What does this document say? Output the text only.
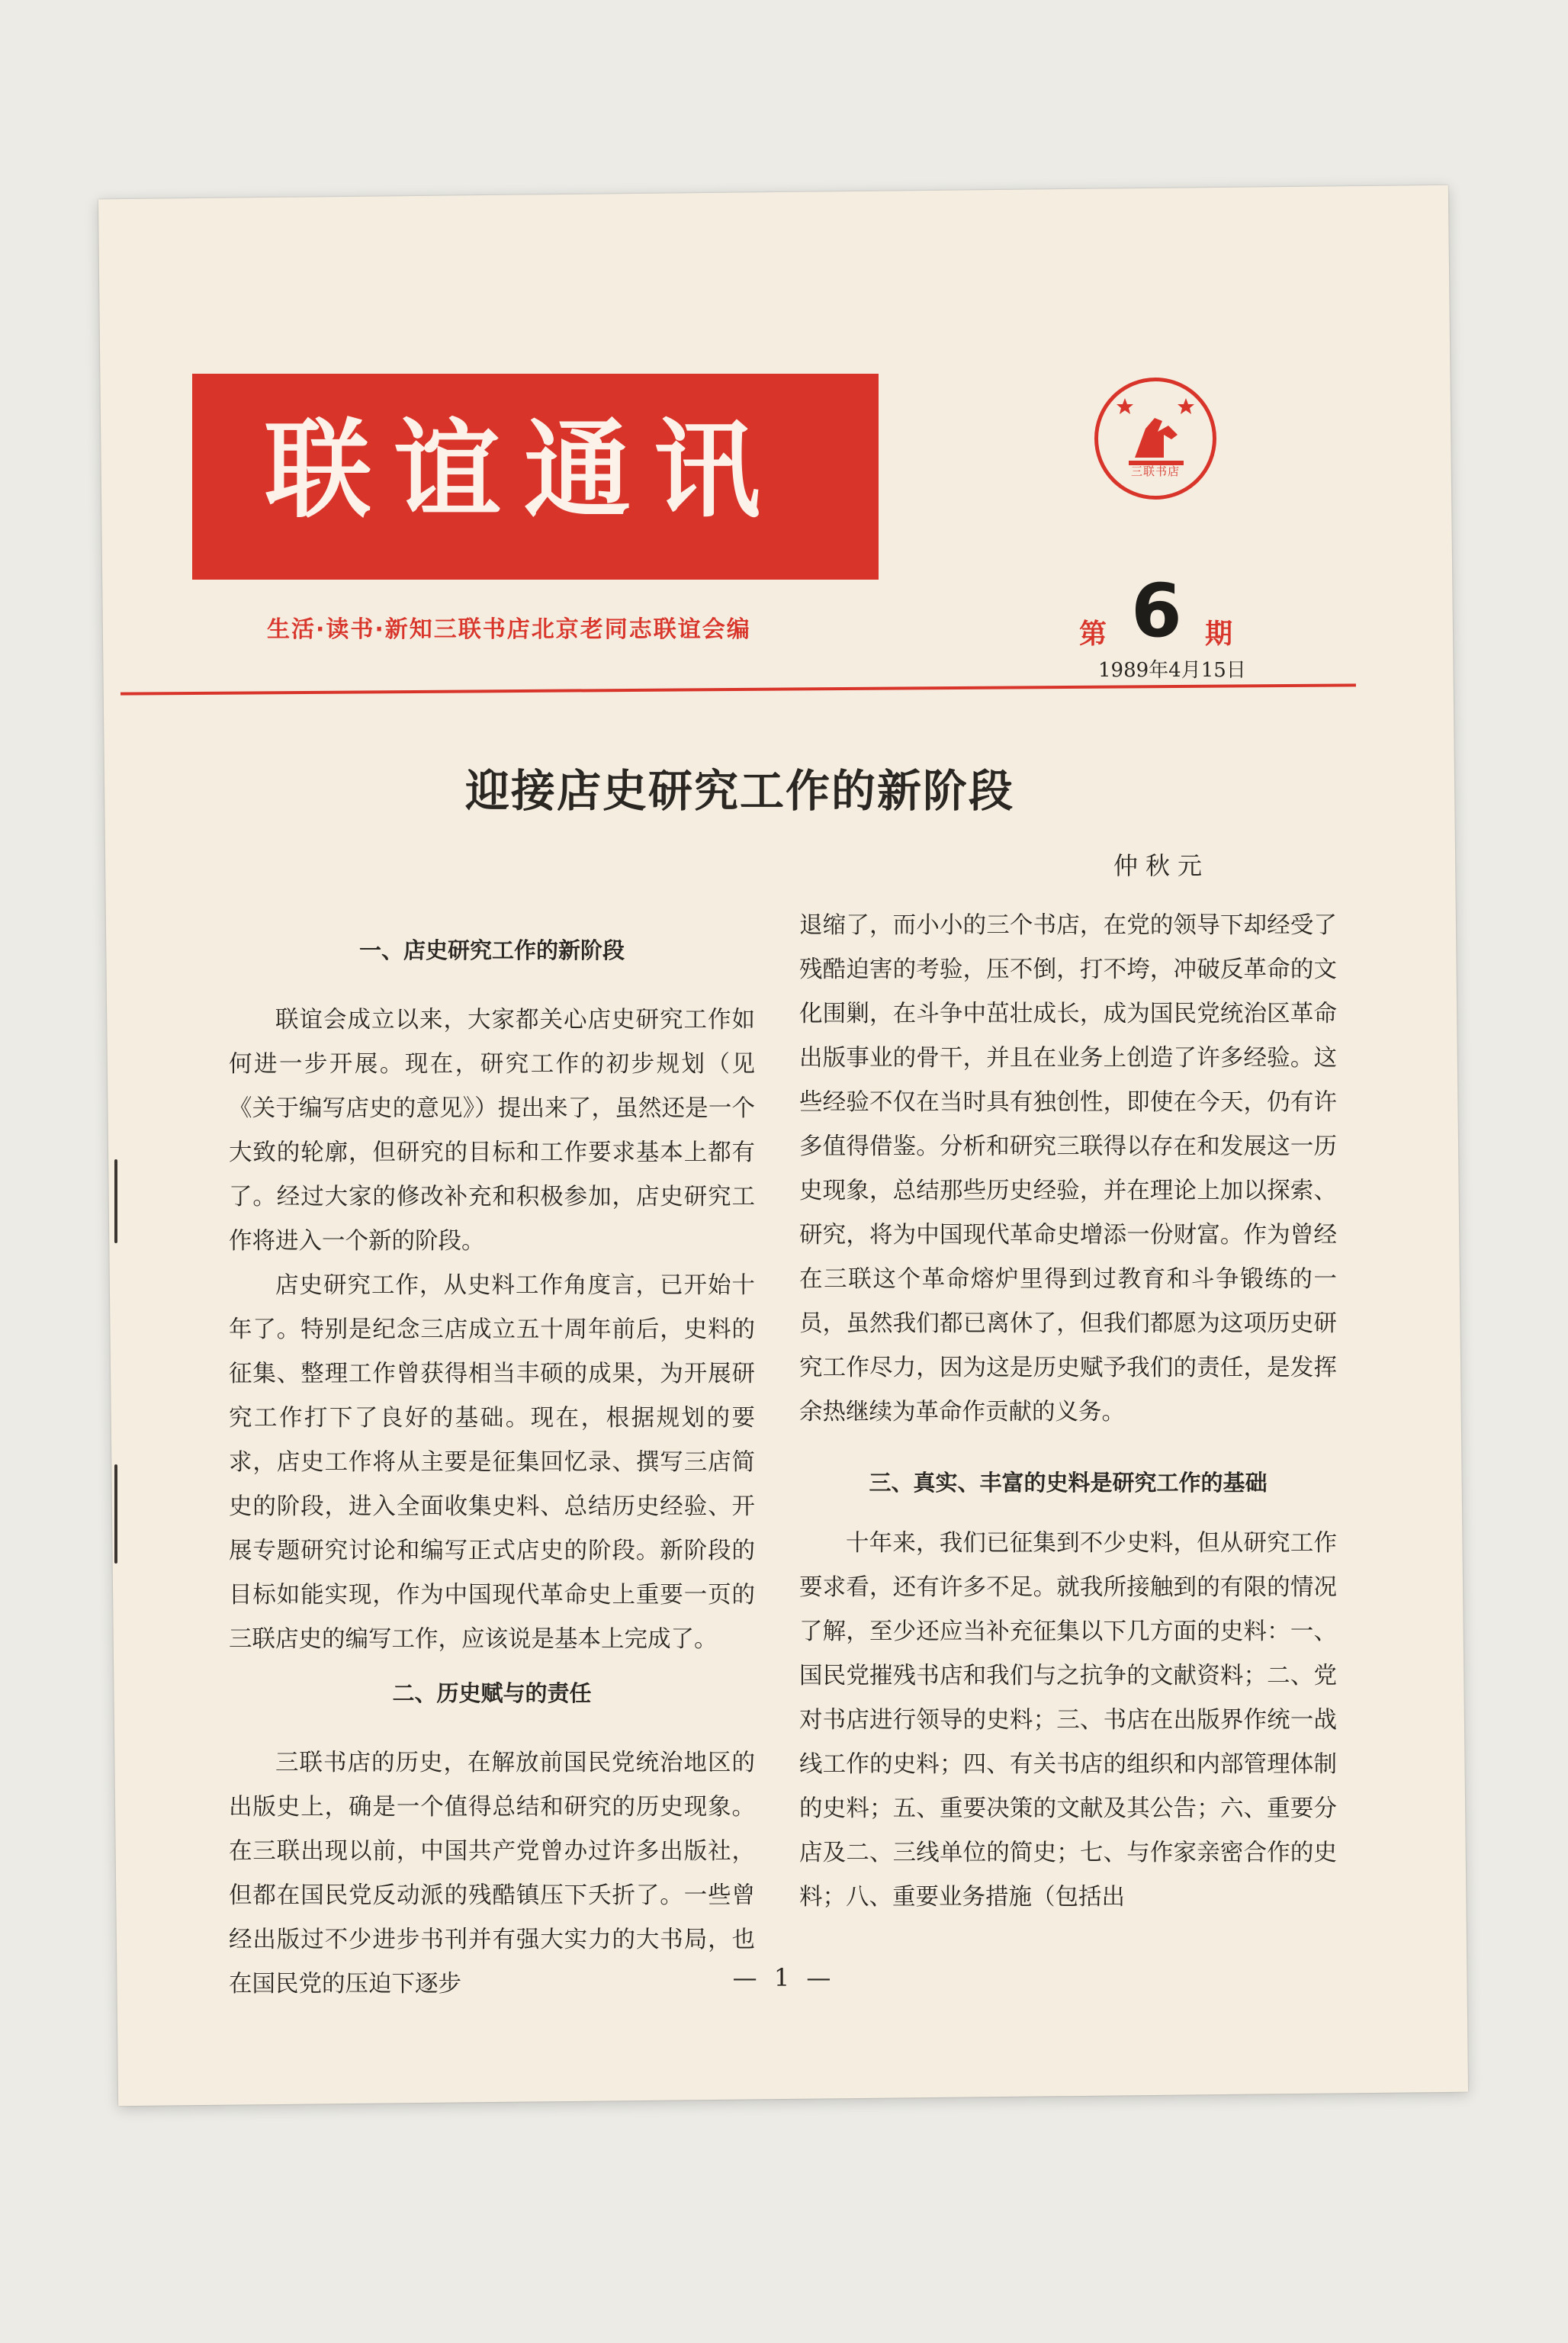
联谊通讯	三联书店
生活·读书·新知三联书店北京老同志联谊会编	第 6 期
1989年4月15日
迎接店史研究工作的新阶段
仲秋元
一、店史研究工作的新阶段

联谊会成立以来，大家都关心店史研究工作如何进一步开展。现在，研究工作的初步规划（见《关于编写店史的意见》）提出来了，虽然还是一个大致的轮廓，但研究的目标和工作要求基本上都有了。经过大家的修改补充和积极参加，店史研究工作将进入一个新的阶段。

店史研究工作，从史料工作角度言，已开始十年了。特别是纪念三店成立五十周年前后，史料的征集、整理工作曾获得相当丰硕的成果，为开展研究工作打下了良好的基础。现在，根据规划的要求，店史工作将从主要是征集回忆录、撰写三店简史的阶段，进入全面收集史料、总结历史经验、开展专题研究讨论和编写正式店史的阶段。新阶段的目标如能实现，作为中国现代革命史上重要一页的三联店史的编写工作，应该说是基本上完成了。

二、历史赋与的责任

三联书店的历史，在解放前国民党统治地区的出版史上，确是一个值得总结和研究的历史现象。在三联出现以前，中国共产党曾办过许多出版社，但都在国民党反动派的残酷镇压下夭折了。一些曾经出版过不少进步书刊并有强大实力的大书局，也在国民党的压迫下逐步

退缩了，而小小的三个书店，在党的领导下却经受了残酷迫害的考验，压不倒，打不垮，冲破反革命的文化围剿，在斗争中茁壮成长，成为国民党统治区革命出版事业的骨干，并且在业务上创造了许多经验。这些经验不仅在当时具有独创性，即使在今天，仍有许多值得借鉴。分析和研究三联得以存在和发展这一历史现象，总结那些历史经验，并在理论上加以探索、研究，将为中国现代革命史增添一份财富。作为曾经在三联这个革命熔炉里得到过教育和斗争锻练的一员，虽然我们都已离休了，但我们都愿为这项历史研究工作尽力，因为这是历史赋予我们的责任，是发挥余热继续为革命作贡献的义务。

三、真实、丰富的史料是研究工作的基础

十年来，我们已征集到不少史料，但从研究工作要求看，还有许多不足。就我所接触到的有限的情况了解，至少还应当补充征集以下几方面的史料：一、国民党摧残书店和我们与之抗争的文献资料；二、党对书店进行领导的史料；三、书店在出版界作统一战线工作的史料；四、有关书店的组织和内部管理体制的史料；五、重要决策的文献及其公告；六、重要分店及二、三线单位的简史；七、与作家亲密合作的史料；八、重要业务措施（包括出

— 1 —
